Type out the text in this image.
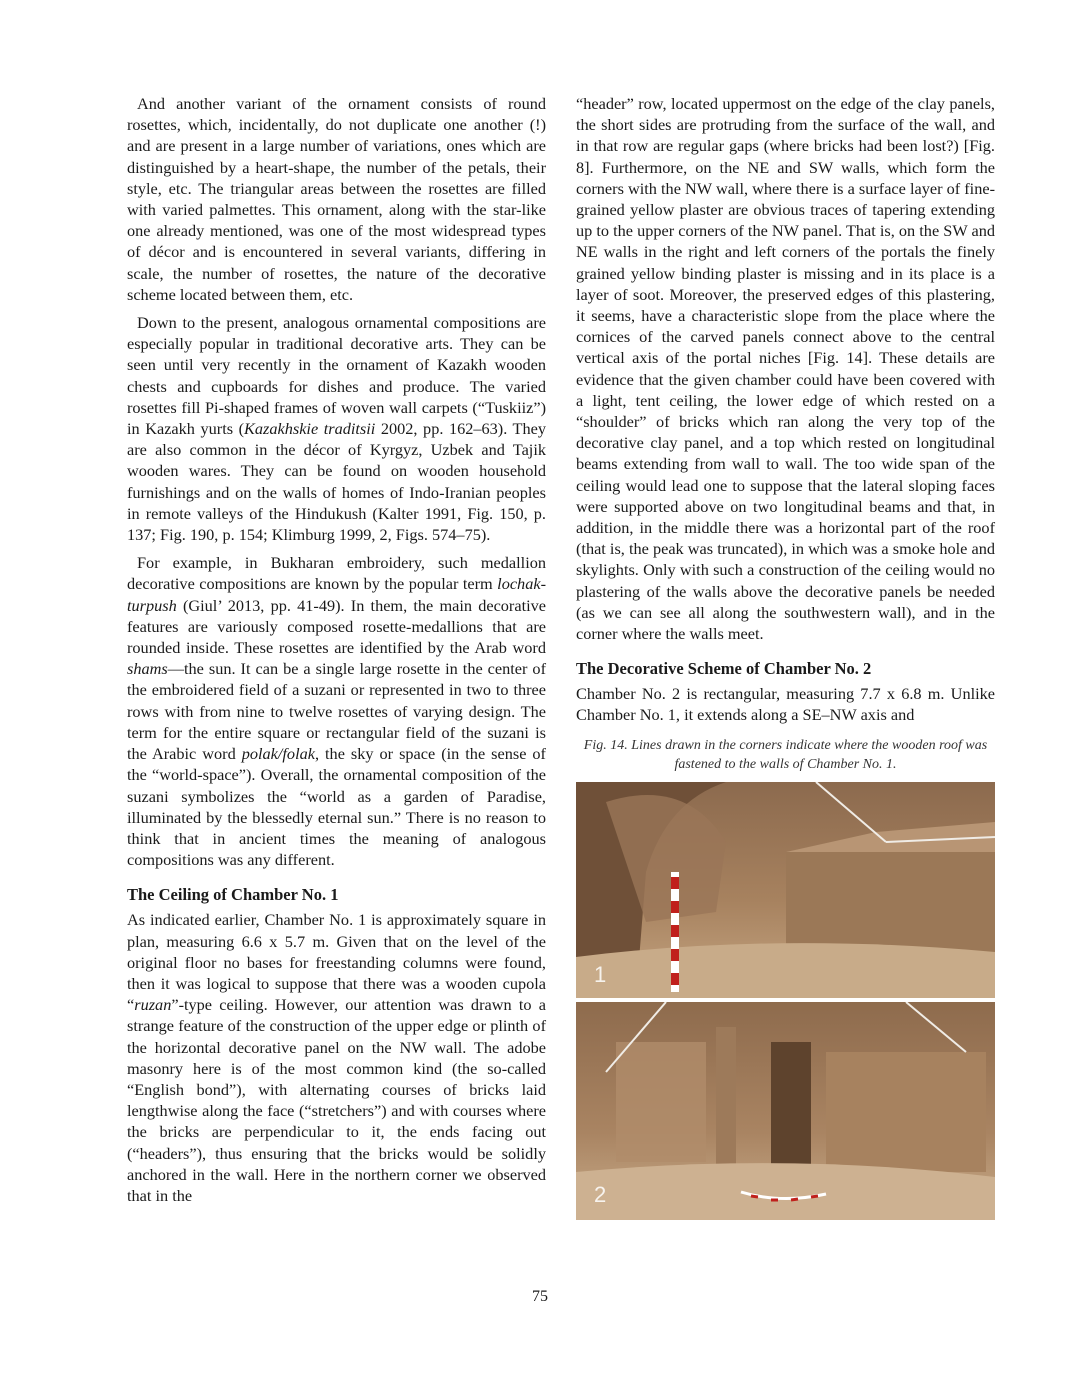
And another variant of the ornament consists of round rosettes, which, incidentally, do not duplicate one another (!) and are present in a large number of variations, ones which are distinguished by a heart-shape, the number of the petals, their style, etc. The triangular areas between the rosettes are filled with varied palmettes. This ornament, along with the star-like one already mentioned, was one of the most widespread types of décor and is encountered in several variants, differing in scale, the number of rosettes, the nature of the decorative scheme located between them, etc.

Down to the present, analogous ornamental compositions are especially popular in traditional decorative arts. They can be seen until very recently in the ornament of Kazakh wooden chests and cupboards for dishes and produce. The varied rosettes fill Pi-shaped frames of woven wall carpets (“Tuskiiz”) in Kazakh yurts (Kazakhskie traditsii 2002, pp. 162–63). They are also common in the décor of Kyrgyz, Uzbek and Tajik wooden wares. They can be found on wooden household furnishings and on the walls of homes of Indo-Iranian peoples in remote valleys of the Hindukush (Kalter 1991, Fig. 150, p. 137; Fig. 190, p. 154; Klimburg 1999, 2, Figs. 574–75).

For example, in Bukharan embroidery, such medallion decorative compositions are known by the popular term lochak-turpush (Giul’ 2013, pp. 41-49). In them, the main decorative features are variously composed rosette-medallions that are rounded inside. These rosettes are identified by the Arab word shams—the sun. It can be a single large rosette in the center of the embroidered field of a suzani or represented in two to three rows with from nine to twelve rosettes of varying design. The term for the entire square or rectangular field of the suzani is the Arabic word polak/folak, the sky or space (in the sense of the “world-space”). Overall, the ornamental composition of the suzani symbolizes the “world as a garden of Paradise, illuminated by the blessedly eternal sun.” There is no reason to think that in ancient times the meaning of analogous compositions was any different.

The Ceiling of Chamber No. 1

As indicated earlier, Chamber No. 1 is approximately square in plan, measuring 6.6 x 5.7 m. Given that on the level of the original floor no bases for freestanding columns were found, then it was logical to suppose that there was a wooden cupola “ruzan”-type ceiling. However, our attention was drawn to a strange feature of the construction of the upper edge or plinth of the horizontal decorative panel on the NW wall. The adobe masonry here is of the most common kind (the so-called “English bond”), with alternating courses of bricks laid lengthwise along the face (“stretchers”) and with courses where the bricks are perpendicular to it, the ends facing out (“headers”), thus ensuring that the bricks would be solidly anchored in the wall. Here in the northern corner we observed that in the

“header” row, located uppermost on the edge of the clay panels, the short sides are protruding from the surface of the wall, and in that row are regular gaps (where bricks had been lost?) [Fig. 8]. Furthermore, on the NE and SW walls, which form the corners with the NW wall, where there is a surface layer of fine-grained yellow plaster are obvious traces of tapering extending up to the upper corners of the NW panel. That is, on the SW and NE walls in the right and left corners of the portals the finely grained yellow binding plaster is missing and in its place is a layer of soot. Moreover, the preserved edges of this plastering, it seems, have a characteristic slope from the place where the cornices of the carved panels connect above to the central vertical axis of the portal niches [Fig. 14]. These details are evidence that the given chamber could have been covered with a light, tent ceiling, the lower edge of which rested on a “shoulder” of bricks which ran along the very top of the decorative clay panel, and a top which rested on longitudinal beams extending from wall to wall. The too wide span of the ceiling would lead one to suppose that the lateral sloping faces were supported above on two longitudinal beams and that, in addition, in the middle there was a horizontal part of the roof (that is, the peak was truncated), in which was a smoke hole and skylights. Only with such a construction of the ceiling would no plastering of the walls above the decorative panels be needed (as we can see all along the southwestern wall), and in the corner where the walls meet.

The Decorative Scheme of Chamber No. 2

Chamber No. 2 is rectangular, measuring 7.7 x 6.8 m. Unlike Chamber No. 1, it extends along a SE–NW axis and

Fig. 14. Lines drawn in the corners indicate where the wooden roof was fastened to the walls of Chamber No. 1.
1
2
75
